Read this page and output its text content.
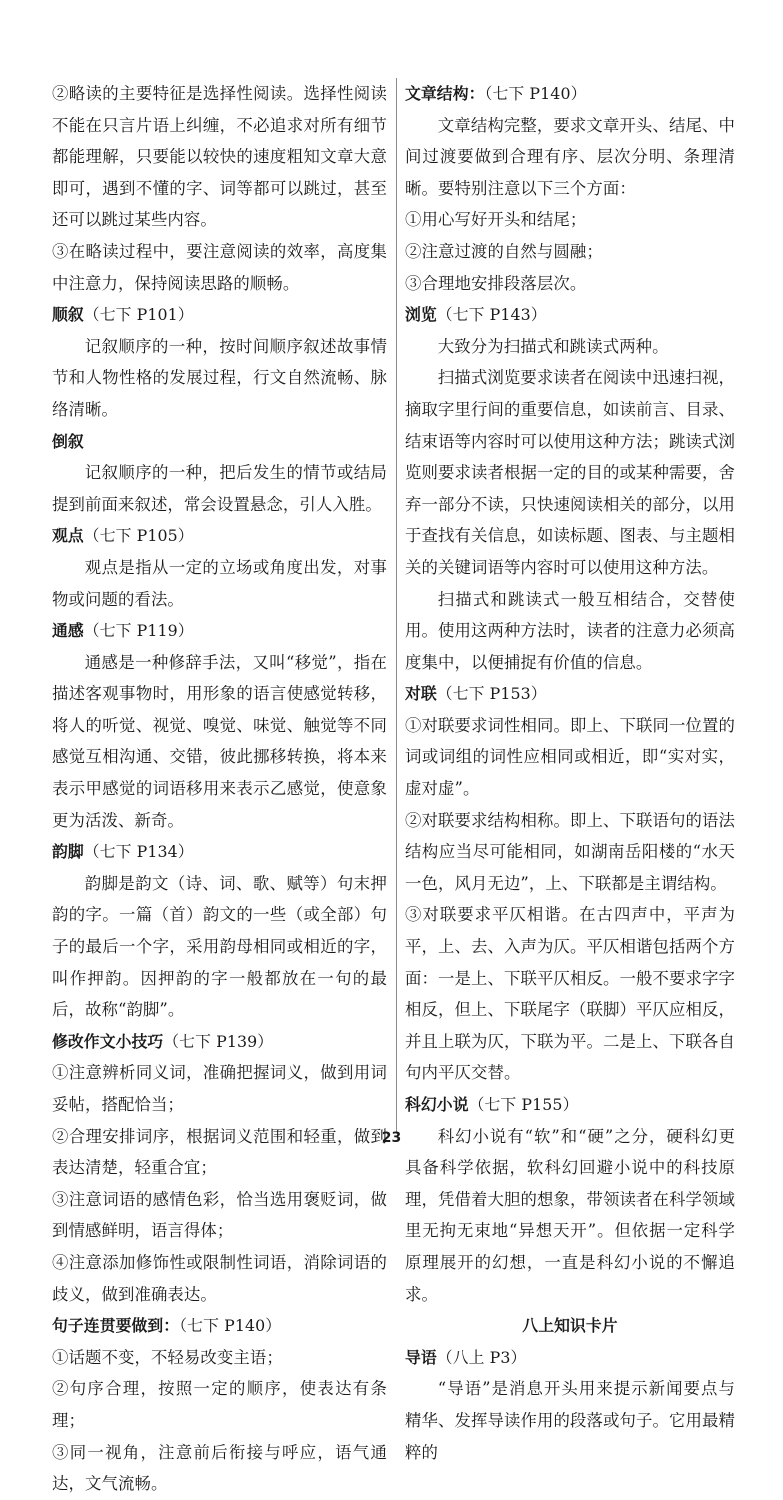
②略读的主要特征是选择性阅读。选择性阅读不能在只言片语上纠缠，不必追求对所有细节都能理解，只要能以较快的速度粗知文章大意即可，遇到不懂的字、词等都可以跳过，甚至还可以跳过某些内容。

③在略读过程中，要注意阅读的效率，高度集中注意力，保持阅读思路的顺畅。

顺叙（七下 P101）

记叙顺序的一种，按时间顺序叙述故事情节和人物性格的发展过程，行文自然流畅、脉络清晰。

倒叙

记叙顺序的一种，把后发生的情节或结局提到前面来叙述，常会设置悬念，引人入胜。

观点（七下 P105）

观点是指从一定的立场或角度出发，对事物或问题的看法。

通感（七下 P119）

通感是一种修辞手法，又叫“移觉”，指在描述客观事物时，用形象的语言使感觉转移，将人的听觉、视觉、嗅觉、味觉、触觉等不同感觉互相沟通、交错，彼此挪移转换，将本来表示甲感觉的词语移用来表示乙感觉，使意象更为活泼、新奇。

韵脚（七下 P134）

韵脚是韵文（诗、词、歌、赋等）句末押韵的字。一篇（首）韵文的一些（或全部）句子的最后一个字，采用韵母相同或相近的字，叫作押韵。因押韵的字一般都放在一句的最后，故称“韵脚”。

修改作文小技巧（七下 P139）

①注意辨析同义词，准确把握词义，做到用词妥帖，搭配恰当；

②合理安排词序，根据词义范围和轻重，做到表达清楚，轻重合宜；

③注意词语的感情色彩，恰当选用褒贬词，做到情感鲜明，语言得体；

④注意添加修饰性或限制性词语，消除词语的歧义，做到准确表达。

句子连贯要做到：（七下 P140）

①话题不变，不轻易改变主语；

②句序合理，按照一定的顺序，使表达有条理；

③同一视角，注意前后衔接与呼应，语气通达，文气流畅。

文章结构：（七下 P140）

文章结构完整，要求文章开头、结尾、中间过渡要做到合理有序、层次分明、条理清晰。要特别注意以下三个方面：

①用心写好开头和结尾；

②注意过渡的自然与圆融；

③合理地安排段落层次。

浏览（七下 P143）

大致分为扫描式和跳读式两种。

扫描式浏览要求读者在阅读中迅速扫视，摘取字里行间的重要信息，如读前言、目录、结束语等内容时可以使用这种方法；跳读式浏览则要求读者根据一定的目的或某种需要，舍弃一部分不读，只快速阅读相关的部分，以用于查找有关信息，如读标题、图表、与主题相关的关键词语等内容时可以使用这种方法。

扫描式和跳读式一般互相结合，交替使用。使用这两种方法时，读者的注意力必须高度集中，以便捕捉有价值的信息。

对联（七下 P153）

①对联要求词性相同。即上、下联同一位置的词或词组的词性应相同或相近，即“实对实，虚对虚”。

②对联要求结构相称。即上、下联语句的语法结构应当尽可能相同，如湖南岳阳楼的“水天一色，风月无边”，上、下联都是主谓结构。

③对联要求平仄相谐。在古四声中，平声为平，上、去、入声为仄。平仄相谐包括两个方面：一是上、下联平仄相反。一般不要求字字相反，但上、下联尾字（联脚）平仄应相反，并且上联为仄，下联为平。二是上、下联各自句内平仄交替。

科幻小说（七下 P155）

科幻小说有“软”和“硬”之分，硬科幻更具备科学依据，软科幻回避小说中的科技原理，凭借着大胆的想象，带领读者在科学领域里无拘无束地“异想天开”。但依据一定科学原理展开的幻想，一直是科幻小说的不懈追求。

八上知识卡片
导语（八上 P3）

“导语”是消息开头用来提示新闻要点与精华、发挥导读作用的段落或句子。它用最精粹的

23
